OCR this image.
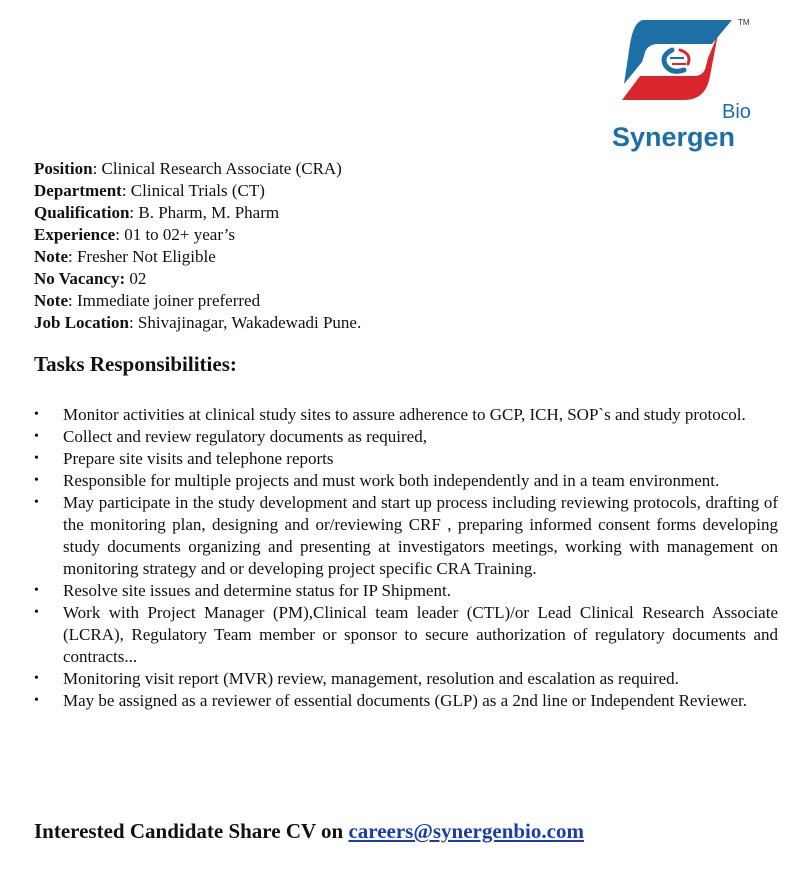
TM
Bio
Synergen
Position: Clinical Research Associate (CRA)
Department: Clinical Trials (CT)
Qualification: B. Pharm, M. Pharm
Experience: 01 to 02+ year’s
Note: Fresher Not Eligible
No Vacancy: 02
Note: Immediate joiner preferred
Job Location: Shivajinagar, Wakadewadi Pune.
Tasks Responsibilities:
•	Monitor activities at clinical study sites to assure adherence to GCP, ICH, SOP`s and study protocol.
•	Collect and review regulatory documents as required,
•	Prepare site visits and telephone reports
•	Responsible for multiple projects and must work both independently and in a team environment.
•	May participate in the study development and start up process including reviewing protocols, drafting of the monitoring plan, designing and or/reviewing CRF , preparing informed consent forms developing study documents organizing and presenting at investigators meetings, working with management on monitoring strategy and or developing project specific CRA Training.
•	Resolve site issues and determine status for IP Shipment.
•	Work with Project Manager (PM),Clinical team leader (CTL)/or Lead Clinical Research Associate (LCRA), Regulatory Team member or sponsor to secure authorization of regulatory documents and contracts...
•	Monitoring visit report (MVR) review, management, resolution and escalation as required.
•	May be assigned as a reviewer of essential documents (GLP) as a 2nd line or Independent Reviewer.
Interested Candidate Share CV on careers@synergenbio.com
